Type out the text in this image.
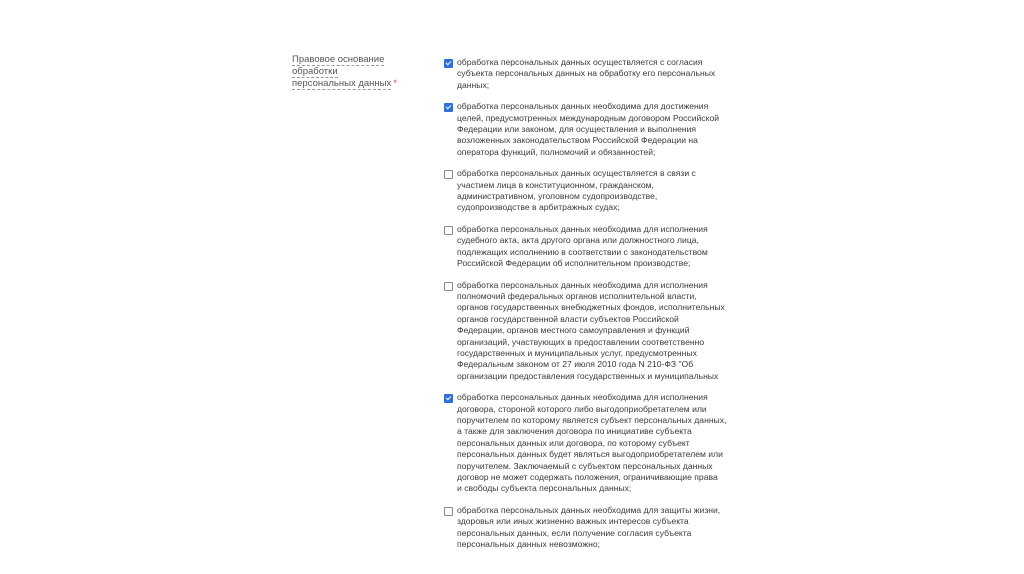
Правовое основание обработки
персональных данных *
обработка персональных данных осуществляется с согласия
субъекта персональных данных на обработку его персональных
данных;
обработка персональных данных необходима для достижения
целей, предусмотренных международным договором Российской
Федерации или законом, для осуществления и выполнения
возложенных законодательством Российской Федерации на
оператора функций, полномочий и обязанностей;
обработка персональных данных осуществляется в связи с
участием лица в конституционном, гражданском,
административном, уголовном судопроизводстве,
судопроизводстве в арбитражных судах;
обработка персональных данных необходима для исполнения
судебного акта, акта другого органа или должностного лица,
подлежащих исполнению в соответствии с законодательством
Российской Федерации об исполнительном производстве;
обработка персональных данных необходима для исполнения
полномочий федеральных органов исполнительной власти,
органов государственных внебюджетных фондов, исполнительных
органов государственной власти субъектов Российской
Федерации, органов местного самоуправления и функций
организаций, участвующих в предоставлении соответственно
государственных и муниципальных услуг, предусмотренных
Федеральным законом от 27 июля 2010 года N 210-ФЗ "Об
организации предоставления государственных и муниципальных
обработка персональных данных необходима для исполнения
договора, стороной которого либо выгодоприобретателем или
поручителем по которому является субъект персональных данных,
а также для заключения договора по инициативе субъекта
персональных данных или договора, по которому субъект
персональных данных будет являться выгодоприобретателем или
поручителем. Заключаемый с субъектом персональных данных
договор не может содержать положения, ограничивающие права
и свободы субъекта персональных данных;
обработка персональных данных необходима для защиты жизни,
здоровья или иных жизненно важных интересов субъекта
персональных данных, если получение согласия субъекта
персональных данных невозможно;
